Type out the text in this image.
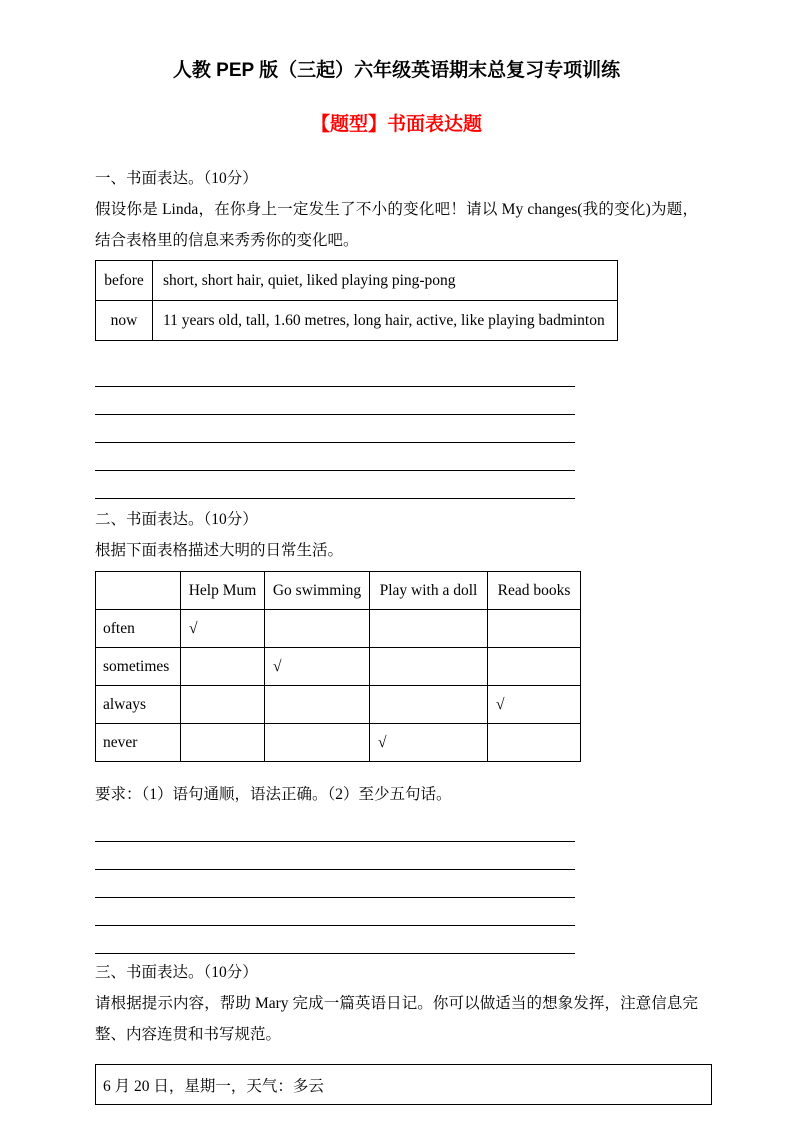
人教 PEP 版（三起）六年级英语期末总复习专项训练
【题型】书面表达题

一、书面表达。（10分）

假设你是 Linda，在你身上一定发生了不小的变化吧！请以 My changes(我的变化)为题，结合表格里的信息来秀秀你的变化吧。

before	short, short hair, quiet, liked playing ping-pong
now	11 years old, tall, 1.60 metres, long hair, active, like playing badminton

二、书面表达。（10分）

根据下面表格描述大明的日常生活。

	Help Mum	Go swimming	Play with a doll	Read books
often	√			
sometimes		√		
always				√
never			√	

要求：（1）语句通顺，语法正确。（2）至少五句话。

三、书面表达。（10分）

请根据提示内容，帮助 Mary 完成一篇英语日记。你可以做适当的想象发挥，注意信息完整、内容连贯和书写规范。

6 月 20 日，星期一，天气：多云
